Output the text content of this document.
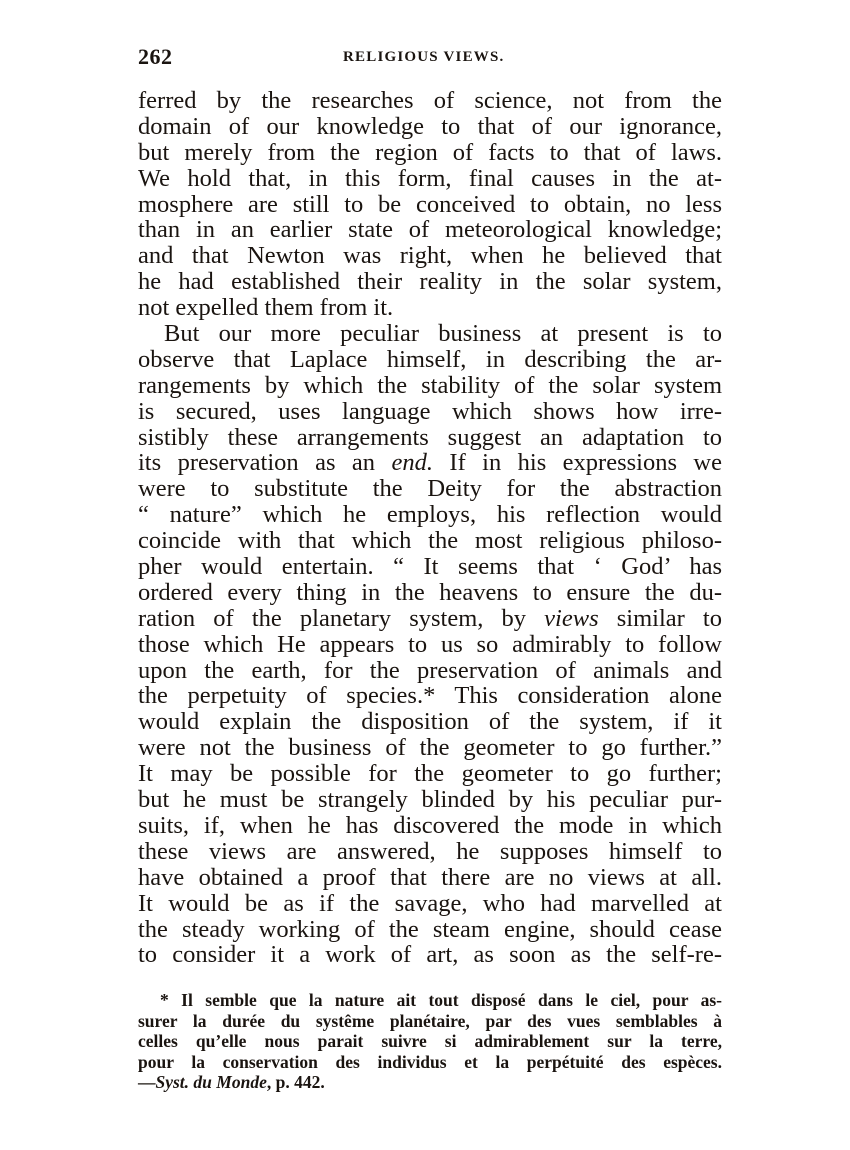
262	RELIGIOUS VIEWS.
ferred by the researches of science, not from the
domain of our knowledge to that of our ignorance,
but merely from the region of facts to that of laws.
We hold that, in this form, final causes in the at-
mosphere are still to be conceived to obtain, no less
than in an earlier state of meteorological knowledge;
and that Newton was right, when he believed that
he had established their reality in the solar system,
not expelled them from it.
But our more peculiar business at present is to
observe that Laplace himself, in describing the ar-
rangements by which the stability of the solar system
is secured, uses language which shows how irre-
sistibly these arrangements suggest an adaptation to
its preservation as an end. If in his expressions we
were to substitute the Deity for the abstraction
“ nature” which he employs, his reflection would
coincide with that which the most religious philoso-
pher would entertain. “ It seems that ‘ God’ has
ordered every thing in the heavens to ensure the du-
ration of the planetary system, by views similar to
those which He appears to us so admirably to follow
upon the earth, for the preservation of animals and
the perpetuity of species.* This consideration alone
would explain the disposition of the system, if it
were not the business of the geometer to go further.”
It may be possible for the geometer to go further;
but he must be strangely blinded by his peculiar pur-
suits, if, when he has discovered the mode in which
these views are answered, he supposes himself to
have obtained a proof that there are no views at all.
It would be as if the savage, who had marvelled at
the steady working of the steam engine, should cease
to consider it a work of art, as soon as the self-re-
* Il semble que la nature ait tout disposé dans le ciel, pour as-
surer la durée du systême planétaire, par des vues semblables à
celles qu’elle nous parait suivre si admirablement sur la terre,
pour la conservation des individus et la perpétuité des espèces.
—Syst. du Monde, p. 442.
